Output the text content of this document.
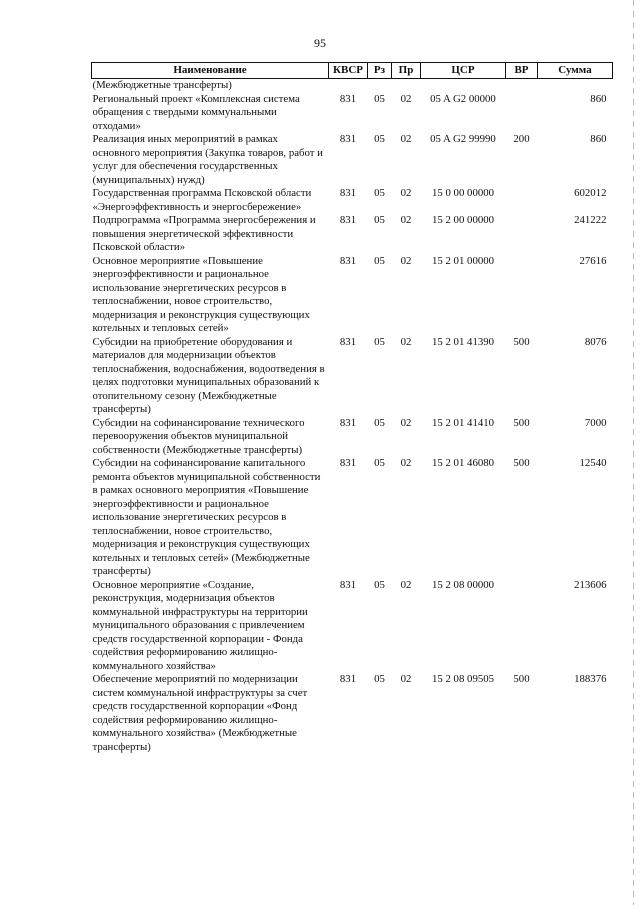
95
Наименование	КВСР	Рз	Пр	ЦСР	ВР	Сумма
(Межбюджетные трансферты)						
Региональный проект «Комплексная система обращения с твердыми коммунальными отходами»	831	05	02	05 A G2 00000		860
Реализация иных мероприятий в рамках основного мероприятия (Закупка товаров, работ и услуг для обеспечения государственных (муниципальных) нужд)	831	05	02	05 A G2 99990	200	860
Государственная программа Псковской области «Энергоэффективность и энергосбережение»	831	05	02	15 0 00 00000		602012
Подпрограмма «Программа энергосбережения и повышения энергетической эффективности Псковской области»	831	05	02	15 2 00 00000		241222
Основное мероприятие «Повышение энергоэффективности и рациональное использование энергетических ресурсов в теплоснабжении, новое строительство, модернизация и реконструкция существующих котельных и тепловых сетей»	831	05	02	15 2 01 00000		27616
Субсидии на приобретение оборудования и материалов для модернизации объектов теплоснабжения, водоснабжения, водоотведения в целях подготовки муниципальных образований к отопительному сезону (Межбюджетные трансферты)	831	05	02	15 2 01 41390	500	8076
Субсидии на софинансирование технического перевооружения объектов муниципальной собственности (Межбюджетные трансферты)	831	05	02	15 2 01 41410	500	7000
Субсидии на софинансирование капитального ремонта объектов муниципальной собственности в рамках основного мероприятия «Повышение энергоэффективности и рациональное использование энергетических ресурсов в теплоснабжении, новое строительство, модернизация и реконструкция существующих котельных и тепловых сетей» (Межбюджетные трансферты)	831	05	02	15 2 01 46080	500	12540
Основное мероприятие «Создание, реконструкция, модернизация объектов коммунальной инфраструктуры на территории муниципального образования с привлечением средств государственной корпорации - Фонда содействия реформированию жилищно-коммунального хозяйства»	831	05	02	15 2 08 00000		213606
Обеспечение мероприятий по модернизации систем коммунальной инфраструктуры за счет средств государственной корпорации «Фонд содействия реформированию жилищно-коммунального хозяйства» (Межбюджетные трансферты)	831	05	02	15 2 08 09505	500	188376
